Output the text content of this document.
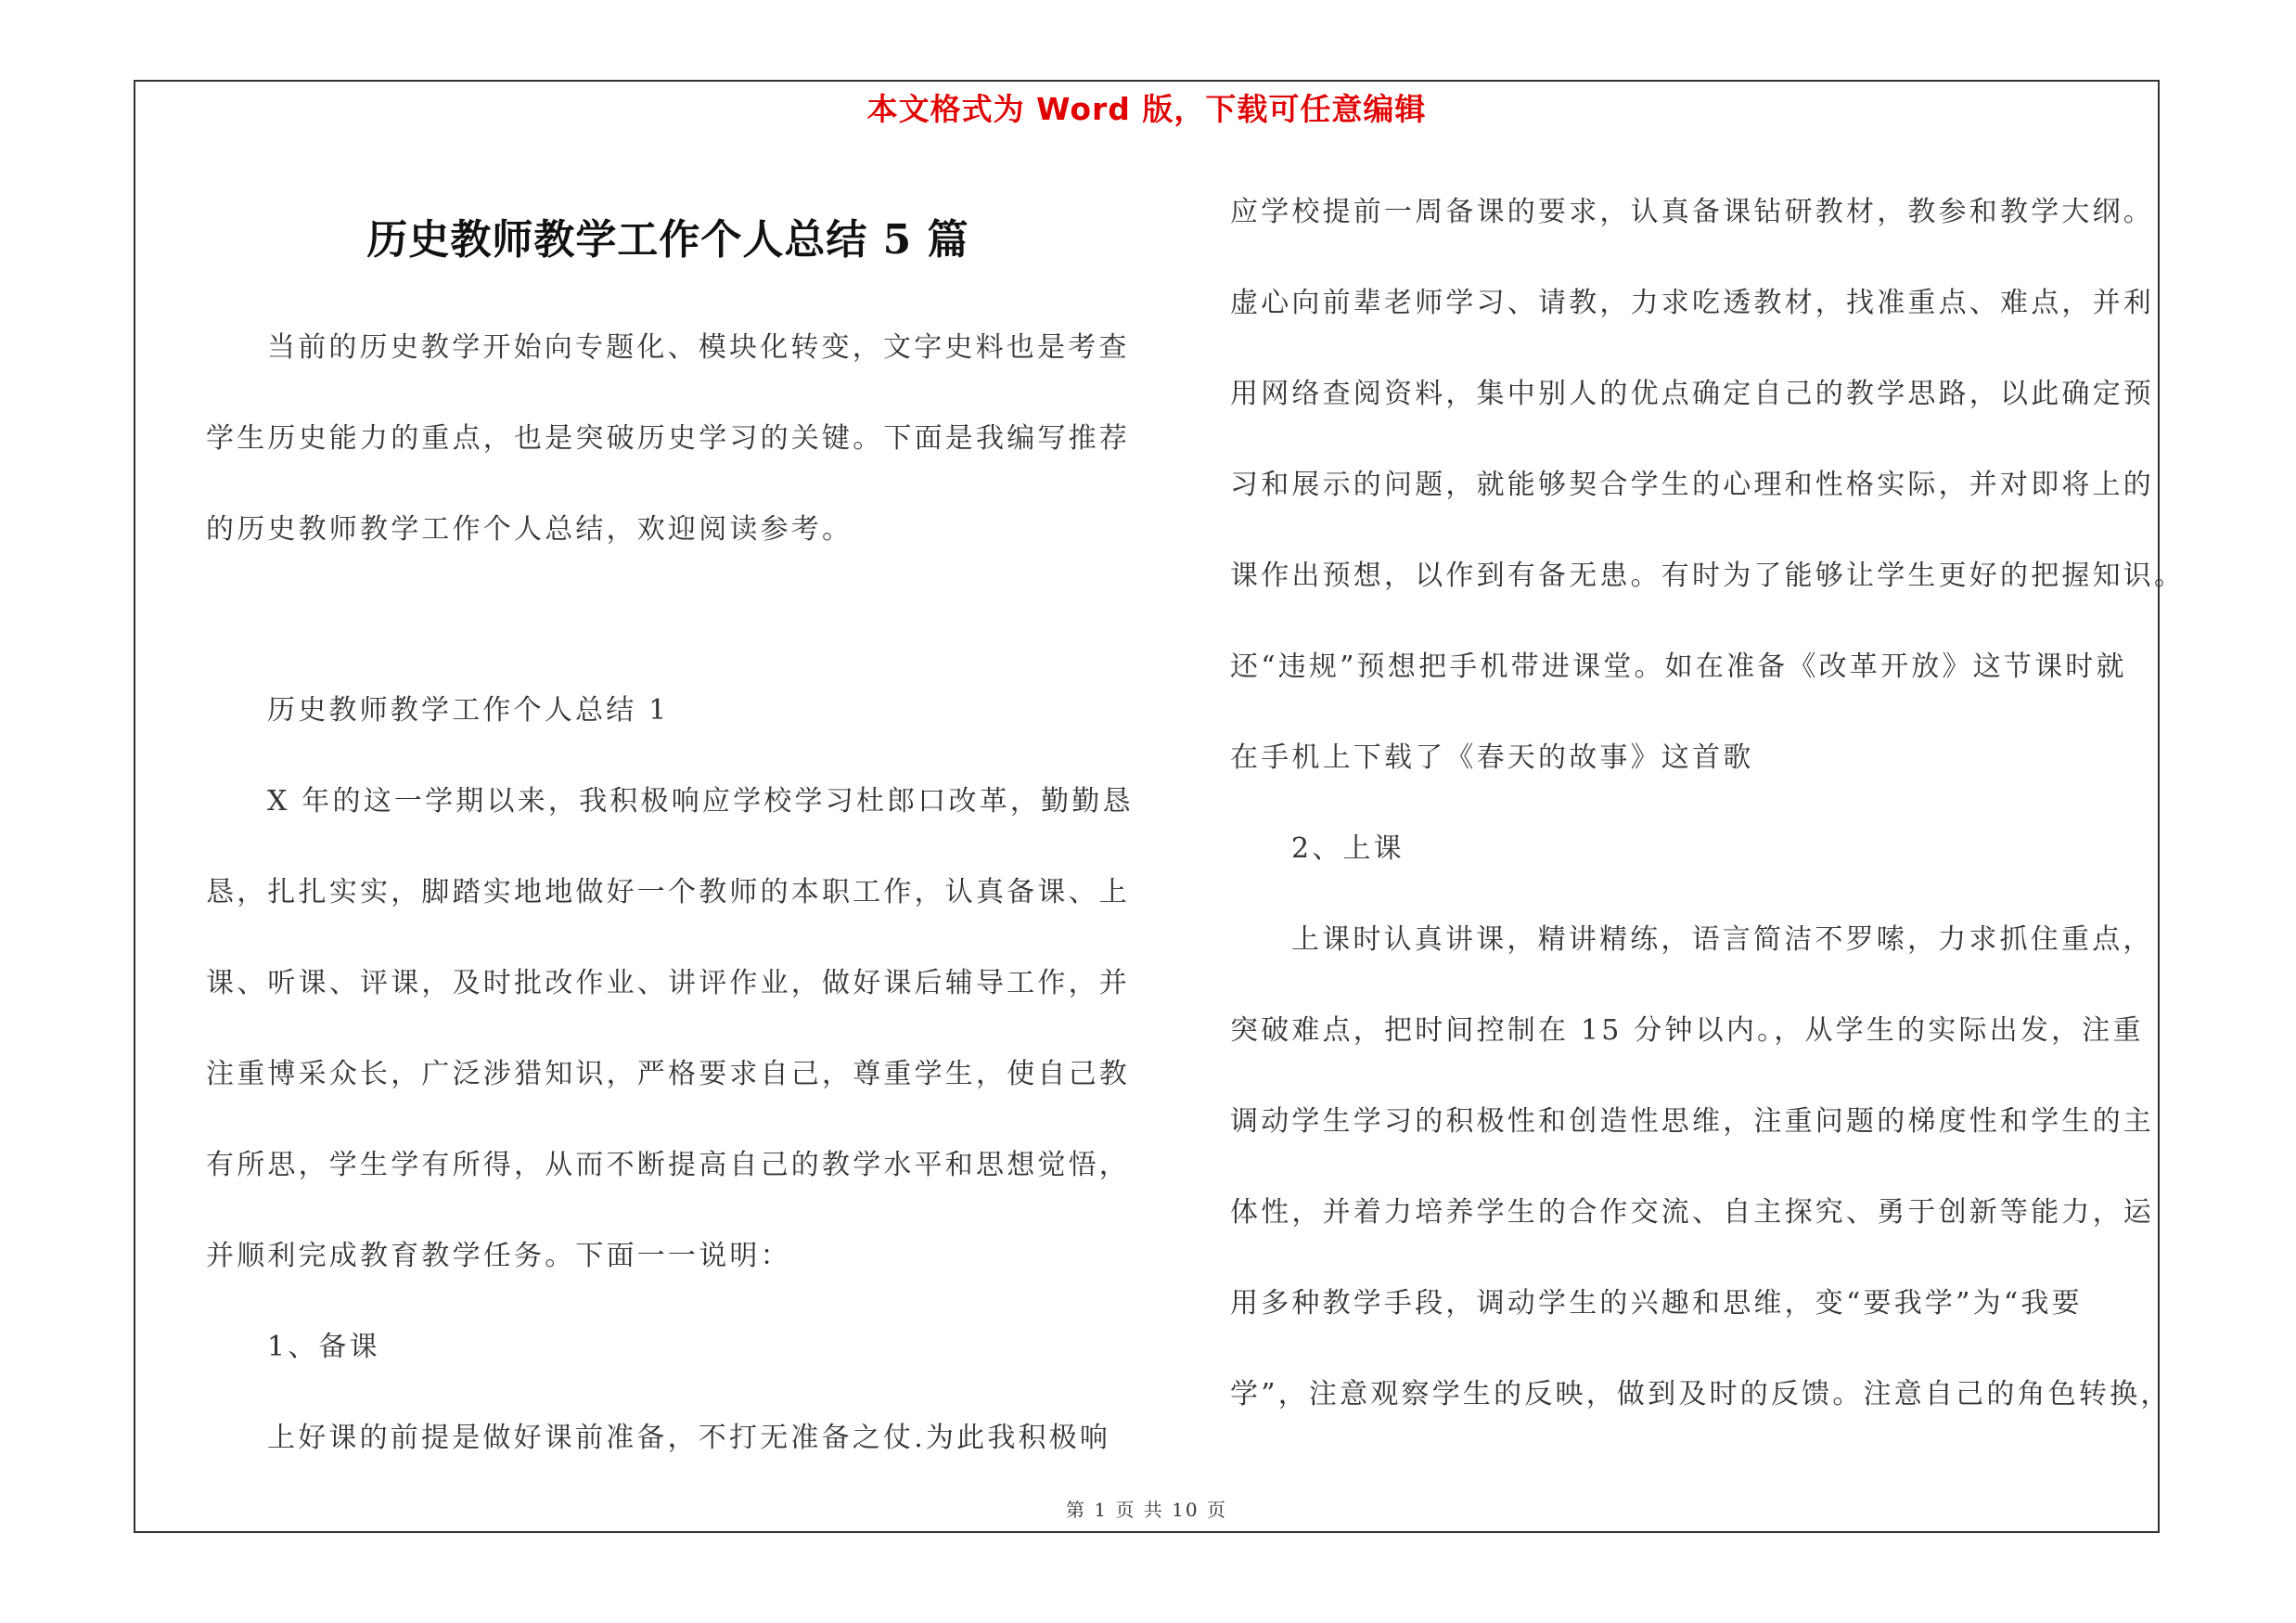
本文格式为 Word 版，下载可任意编辑
历史教师教学工作个人总结 5 篇
当前的历史教学开始向专题化、模块化转变，文字史料也是考查
学生历史能力的重点，也是突破历史学习的关键。下面是我编写推荐
的历史教师教学工作个人总结，欢迎阅读参考。
历史教师教学工作个人总结 1
X 年的这一学期以来，我积极响应学校学习杜郎口改革，勤勤恳
恳，扎扎实实，脚踏实地地做好一个教师的本职工作，认真备课、上
课、听课、评课，及时批改作业、讲评作业，做好课后辅导工作，并
注重博采众长，广泛涉猎知识，严格要求自己，尊重学生，使自己教
有所思，学生学有所得，从而不断提高自己的教学水平和思想觉悟，
并顺利完成教育教学任务。下面一一说明：
1、备课
上好课的前提是做好课前准备，不打无准备之仗.为此我积极响
应学校提前一周备课的要求，认真备课钻研教材，教参和教学大纲。
虚心向前辈老师学习、请教，力求吃透教材，找准重点、难点，并利
用网络查阅资料，集中别人的优点确定自己的教学思路，以此确定预
习和展示的问题，就能够契合学生的心理和性格实际，并对即将上的
课作出预想，以作到有备无患。有时为了能够让学生更好的把握知识。
还“违规”预想把手机带进课堂。如在准备《改革开放》这节课时就
在手机上下载了《春天的故事》这首歌
2、上课
上课时认真讲课，精讲精练，语言简洁不罗嗦，力求抓住重点，
突破难点，把时间控制在 15 分钟以内。，从学生的实际出发，注重
调动学生学习的积极性和创造性思维，注重问题的梯度性和学生的主
体性，并着力培养学生的合作交流、自主探究、勇于创新等能力，运
用多种教学手段，调动学生的兴趣和思维，变“要我学”为“我要
学”，注意观察学生的反映，做到及时的反馈。注意自己的角色转换，
第 1 页 共 10 页
